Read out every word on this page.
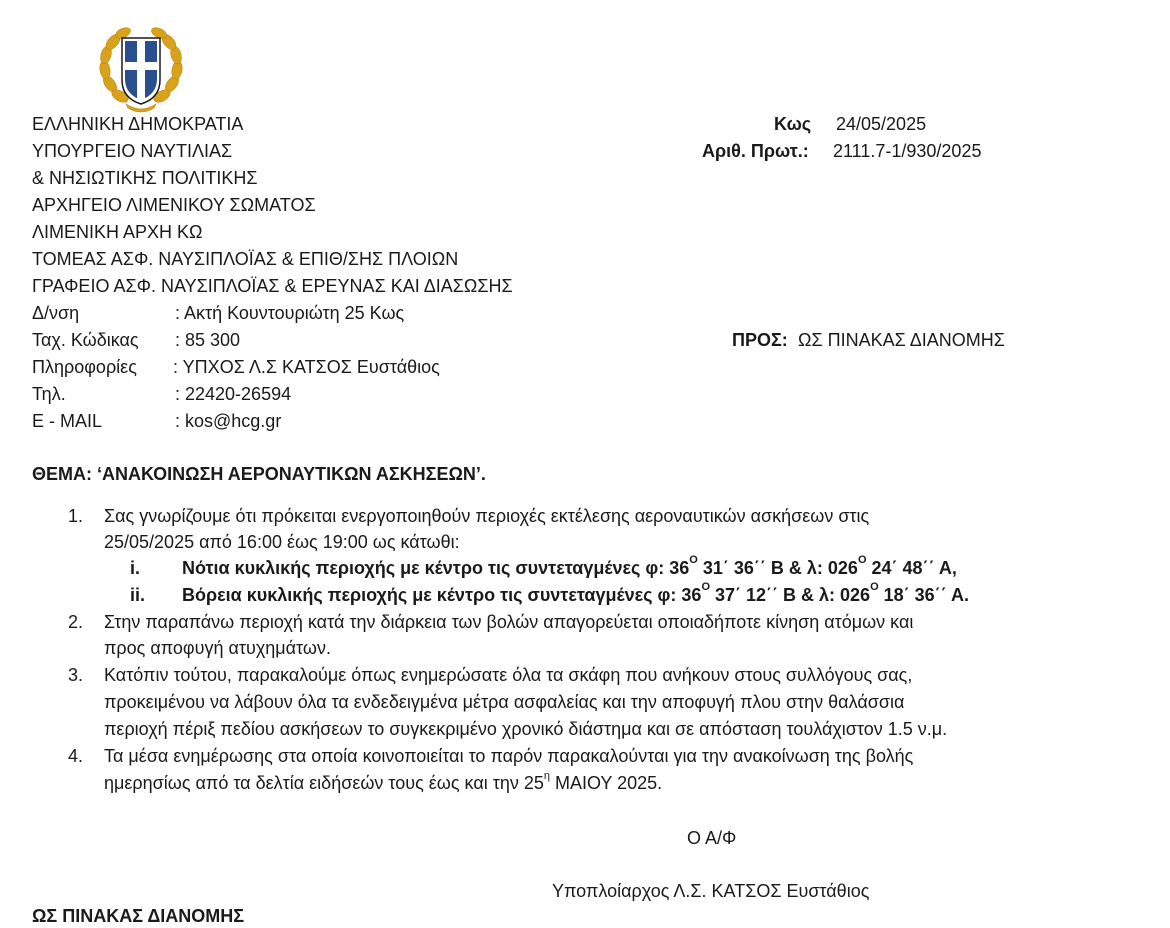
ΕΛΛΗΝΙΚΗ ΔΗΜΟΚΡΑΤΙΑ
ΥΠΟΥΡΓΕΙΟ ΝΑΥΤΙΛΙΑΣ
& ΝΗΣΙΩΤΙΚΗΣ ΠΟΛΙΤΙΚΗΣ
ΑΡΧΗΓΕΙΟ ΛΙΜΕΝΙΚΟΥ ΣΩΜΑΤΟΣ
ΛΙΜΕΝΙΚΗ ΑΡΧΗ ΚΩ
ΤΟΜΕΑΣ ΑΣΦ. ΝΑΥΣΙΠΛΟΪΑΣ & ΕΠΙΘ/ΣΗΣ ΠΛΟΙΩΝ
ΓΡΑΦΕΙΟ ΑΣΦ. ΝΑΥΣΙΠΛΟΪΑΣ & ΕΡΕΥΝΑΣ ΚΑΙ ΔΙΑΣΩΣΗΣ
Δ/νση	: Ακτή Κουντουριώτη 25 Κως
Ταχ. Κώδικας : 85 300
Πληροφορίες : ΥΠΧΟΣ Λ.Σ ΚΑΤΣΟΣ Ευστάθιος
Τηλ.	: 22420-26594
E - MAIL	: kos@hcg.gr
Κως 24/05/2025
Αριθ. Πρωτ.: 2111.7-1/930/2025
ΠΡΟΣ: ΩΣ ΠΙΝΑΚΑΣ ΔΙΑΝΟΜΗΣ
ΘΕΜΑ: ‘ΑΝΑΚΟΙΝΩΣΗ ΑΕΡΟΝΑΥΤΙΚΩΝ ΑΣΚΗΣΕΩΝ’.
1. Σας γνωρίζουμε ότι πρόκειται ενεργοποιηθούν περιοχές εκτέλεσης αεροναυτικών ασκήσεων στις
25/05/2025 από 16:00 έως 19:00 ως κάτωθι:
i. Νότια κυκλικής περιοχής με κέντρο τις συντεταγμένες φ: $36^O$ 31΄ 36΄΄ Β & λ: $026^O$ 24΄ 48΄΄ Α,
ii. Βόρεια κυκλικής περιοχής με κέντρο τις συντεταγμένες φ: $36^O$ 37΄ 12΄΄ Β & λ: $026^O$ 18΄ 36΄΄ Α.
2. Στην παραπάνω περιοχή κατά την διάρκεια των βολών απαγορεύεται οποιαδήποτε κίνηση ατόμων και
προς αποφυγή ατυχημάτων.
3. Κατόπιν τούτου, παρακαλούμε όπως ενημερώσατε όλα τα σκάφη που ανήκουν στους συλλόγους σας,
προκειμένου να λάβουν όλα τα ενδεδειγμένα μέτρα ασφαλείας και την αποφυγή πλου στην θαλάσσια
περιοχή πέριξ πεδίου ασκήσεων το συγκεκριμένο χρονικό διάστημα και σε απόσταση τουλάχιστον 1.5 ν.μ.
4. Τα μέσα ενημέρωσης στα οποία κοινοποιείται το παρόν παρακαλούνται για την ανακοίνωση της βολής
ημερησίως από τα δελτία ειδήσεών τους έως και την $25^\eta$ ΜΑΙΟΥ 2025.
Ο Α/Φ
Υποπλοίαρχος Λ.Σ. ΚΑΤΣΟΣ Ευστάθιος
ΩΣ ΠΙΝΑΚΑΣ ΔΙΑΝΟΜΗΣ
